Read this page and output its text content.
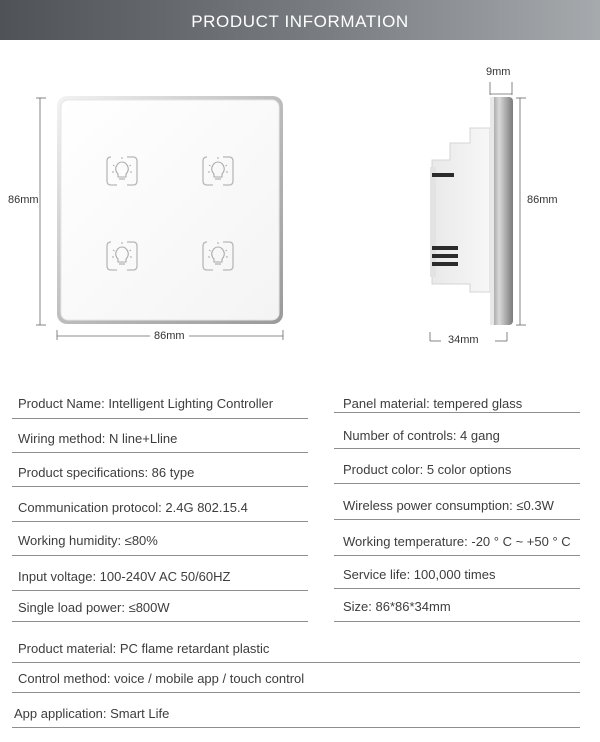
PRODUCT INFORMATION
86mm
86mm
9mm
86mm
34mm
Product Name: Intelligent Lighting Controller	Panel material: tempered glass
Wiring method: N line+Lline	Number of controls: 4 gang
Product specifications: 86 type	Product color: 5 color options
Communication protocol: 2.4G 802.15.4	Wireless power consumption: ≤0.3W
Working humidity: ≤80%	Working temperature: -20 ° C ~ +50 ° C
Input voltage: 100-240V AC 50/60HZ	Service life: 100,000 times
Single load power: ≤800W	Size: 86*86*34mm
Product material: PC flame retardant plastic
Control method: voice / mobile app / touch control
App application: Smart Life
